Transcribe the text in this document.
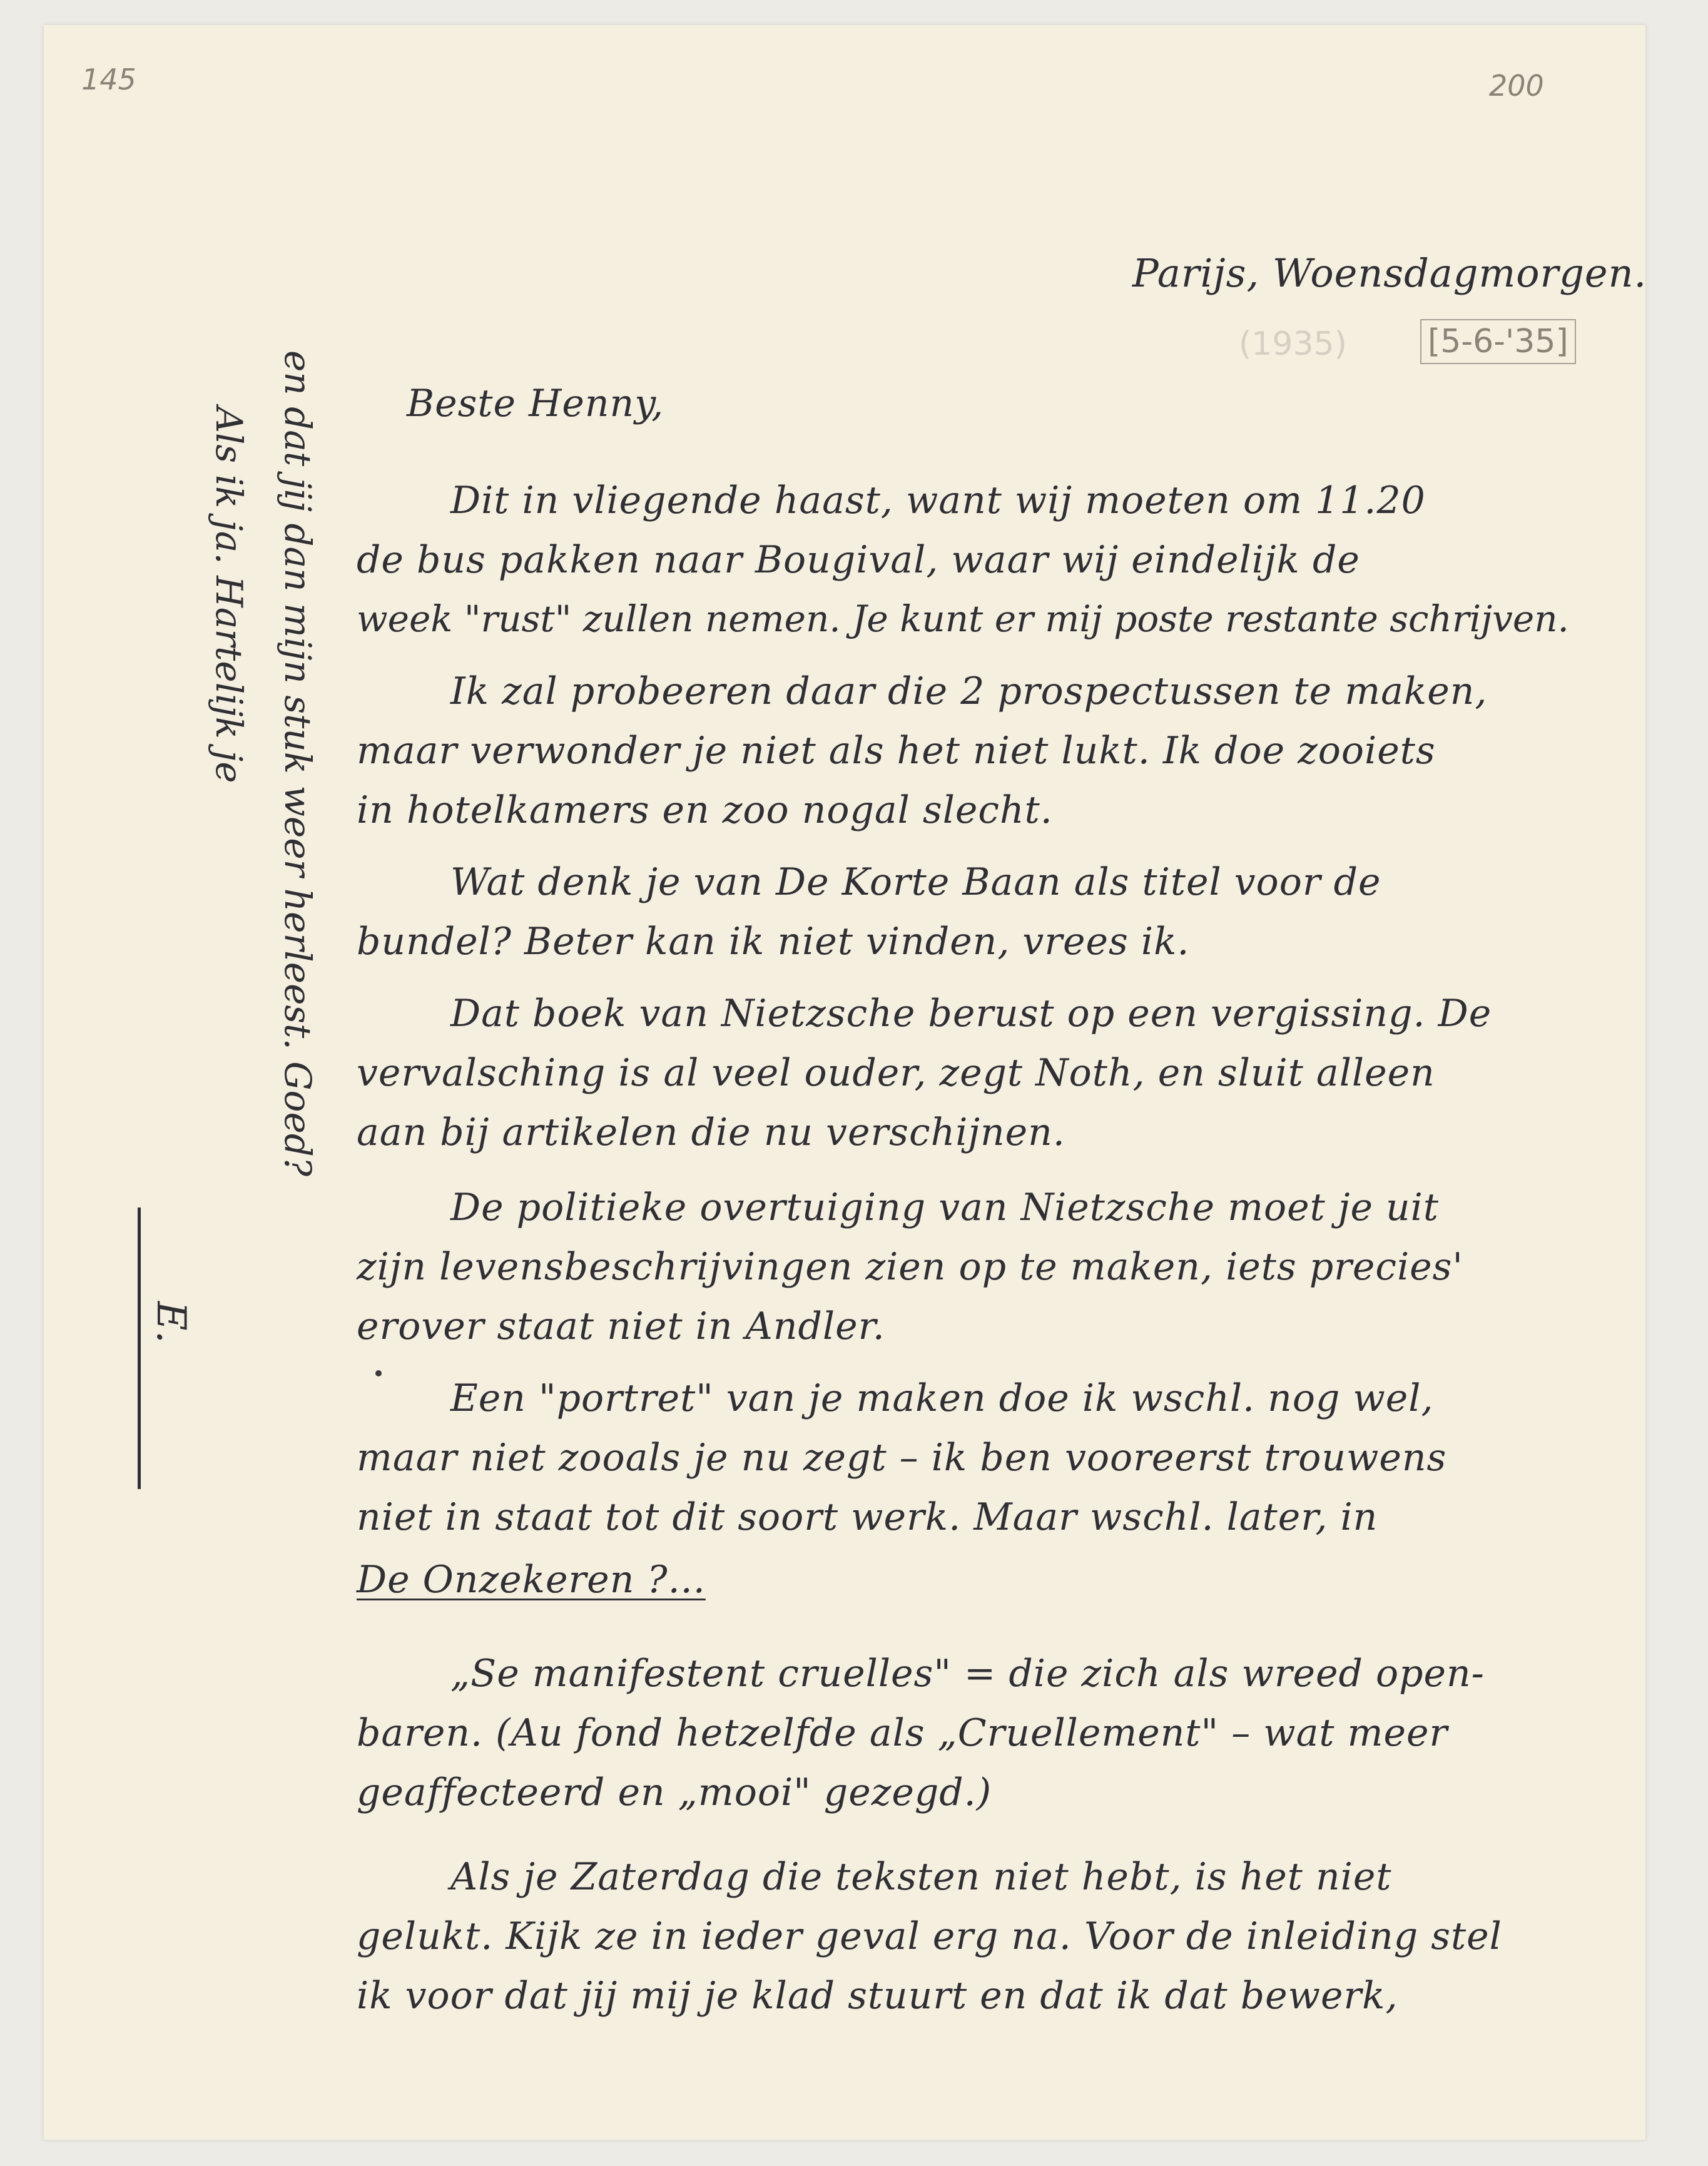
145	200
Parijs, Woensdagmorgen.
(1935) [5-6-'35]
Beste Henny,
Dit in vliegende haast, want wij moeten om 11.20
de bus pakken naar Bougival, waar wij eindelijk de
week "rust" zullen nemen. Je kunt er mij poste restante schrijven.
Ik zal probeeren daar die 2 prospectussen te maken,
maar verwonder je niet als het niet lukt. Ik doe zooiets
in hotelkamers en zoo nogal slecht.
Wat denk je van De Korte Baan als titel voor de
bundel? Beter kan ik niet vinden, vrees ik.
Dat boek van Nietzsche berust op een vergissing. De
vervalsching is al veel ouder, zegt Noth, en sluit alleen
aan bij artikelen die nu verschijnen.
De politieke overtuiging van Nietzsche moet je uit
zijn levensbeschrijvingen zien op te maken, iets precies'
erover staat niet in Andler.
Een "portret" van je maken doe ik wschl. nog wel,
maar niet zooals je nu zegt – ik ben vooreerst trouwens
niet in staat tot dit soort werk. Maar wschl. later, in
De Onzekeren ?...
„Se manifestent cruelles" = die zich als wreed open-
baren. (Au fond hetzelfde als „Cruellement" – wat meer
geaffecteerd en „mooi" gezegd.)
Als je Zaterdag die teksten niet hebt, is het niet
gelukt. Kijk ze in ieder geval erg na. Voor de inleiding stel
ik voor dat jij mij je klad stuurt en dat ik dat bewerk,
en dat jij dan mijn stuk weer herleest. Goed?
Als ik ja. Hartelijk je
E.
